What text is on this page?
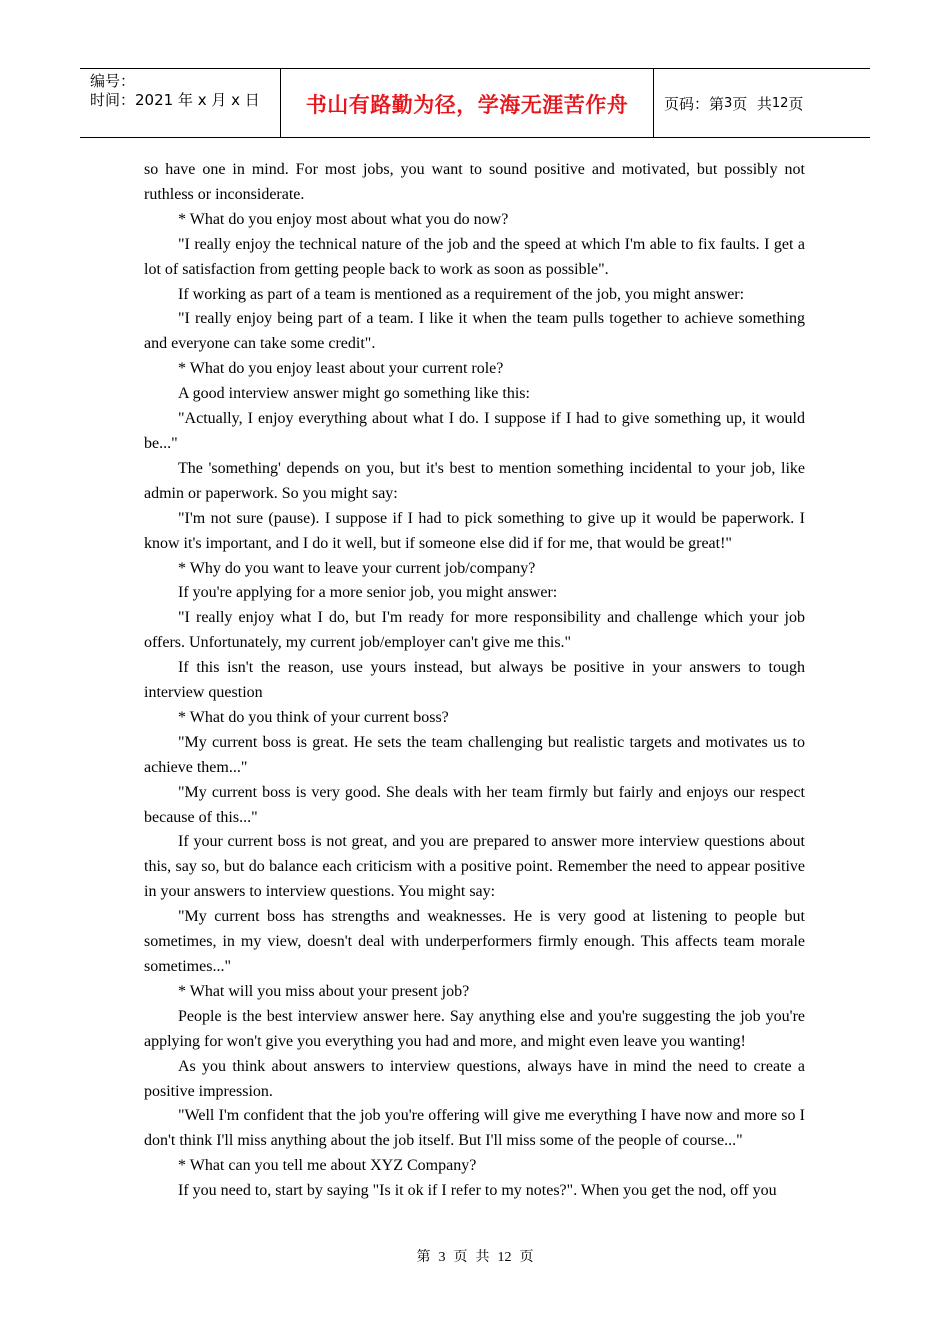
编号：
时间：2021 年 x 月 x 日	书山有路勤为径，学海无涯苦作舟 页码：第 3 页  共 12 页

so have one in mind. For most jobs, you want to sound positive and motivated, but possibly not ruthless or inconsiderate.

* What do you enjoy most about what you do now?

"I really enjoy the technical nature of the job and the speed at which I'm able to fix faults. I get a lot of satisfaction from getting people back to work as soon as possible".

If working as part of a team is mentioned as a requirement of the job, you might answer:

"I really enjoy being part of a team. I like it when the team pulls together to achieve something and everyone can take some credit".

* What do you enjoy least about your current role?

A good interview answer might go something like this:

"Actually, I enjoy everything about what I do. I suppose if I had to give something up, it would be..."

The 'something' depends on you, but it's best to mention something incidental to your job, like admin or paperwork. So you might say:

"I'm not sure (pause). I suppose if I had to pick something to give up it would be paperwork. I know it's important, and I do it well, but if someone else did if for me, that would be great!"

* Why do you want to leave your current job/company?

If you're applying for a more senior job, you might answer:

"I really enjoy what I do, but I'm ready for more responsibility and challenge which your job offers. Unfortunately, my current job/employer can't give me this."

If this isn't the reason, use yours instead, but always be positive in your answers to tough interview question

* What do you think of your current boss?

"My current boss is great. He sets the team challenging but realistic targets and motivates us to achieve them..."

"My current boss is very good. She deals with her team firmly but fairly and enjoys our respect because of this..."

If your current boss is not great, and you are prepared to answer more interview questions about this, say so, but do balance each criticism with a positive point. Remember the need to appear positive in your answers to interview questions. You might say:

"My current boss has strengths and weaknesses. He is very good at listening to people but sometimes, in my view, doesn't deal with underperformers firmly enough. This affects team morale sometimes..."

* What will you miss about your present job?

People is the best interview answer here. Say anything else and you're suggesting the job you're applying for won't give you everything you had and more, and might even leave you wanting!

As you think about answers to interview questions, always have in mind the need to create a positive impression.

"Well I'm confident that the job you're offering will give me everything I have now and more so I don't think I'll miss anything about the job itself. But I'll miss some of the people of course..."

* What can you tell me about XYZ Company?

If you need to, start by saying "Is it ok if I refer to my notes?". When you get the nod, off you

第 3 页 共 12 页
